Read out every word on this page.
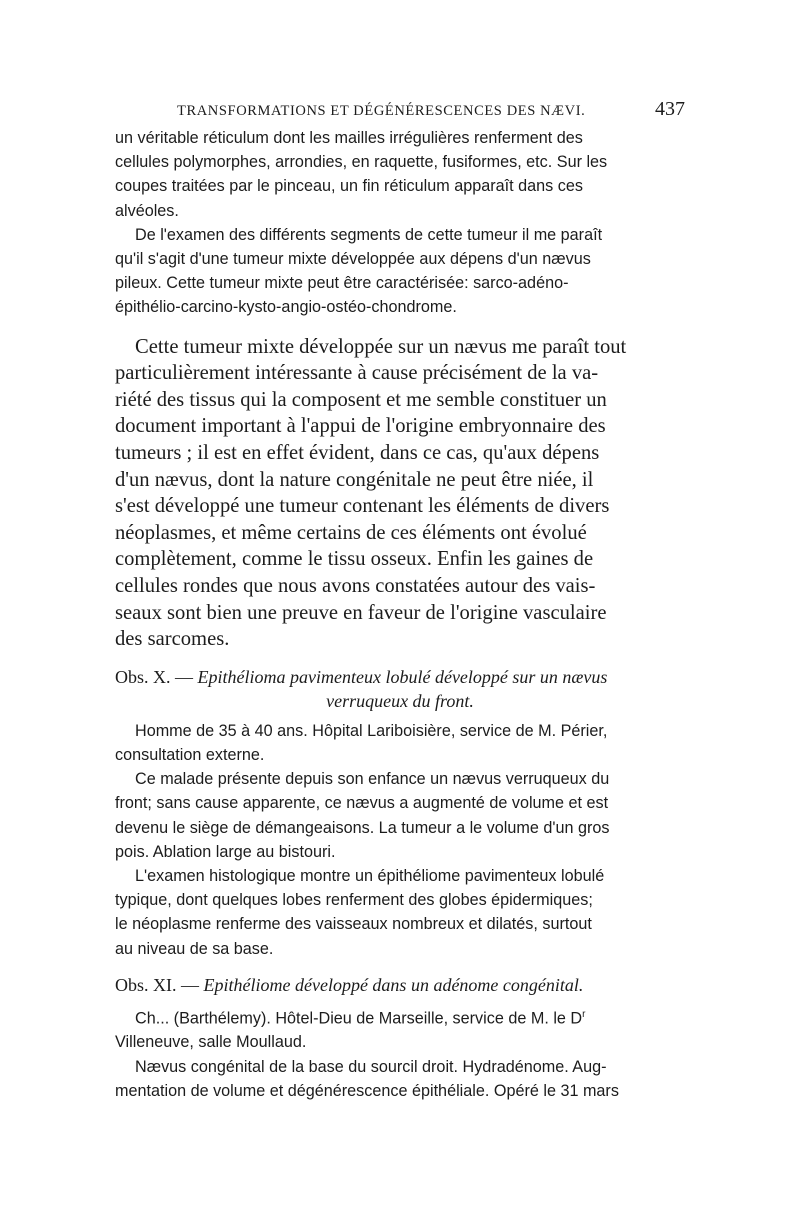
TRANSFORMATIONS ET DÉGÉNÉRESCENCES DES NÆVI.	437

un véritable réticulum dont les mailles irrégulières renferment des

cellules polymorphes, arrondies, en raquette, fusiformes, etc. Sur les

coupes traitées par le pinceau, un fin réticulum apparaît dans ces

alvéoles.

De l'examen des différents segments de cette tumeur il me paraît

qu'il s'agit d'une tumeur mixte développée aux dépens d'un nævus

pileux. Cette tumeur mixte peut être caractérisée: sarco-adéno-

épithélio-carcino-kysto-angio-ostéo-chondrome.

Cette tumeur mixte développée sur un nævus me paraît tout

particulièrement intéressante à cause précisément de la va-

riété des tissus qui la composent et me semble constituer un

document important à l'appui de l'origine embryonnaire des

tumeurs ; il est en effet évident, dans ce cas, qu'aux dépens

d'un nævus, dont la nature congénitale ne peut être niée, il

s'est développé une tumeur contenant les éléments de divers

néoplasmes, et même certains de ces éléments ont évolué

complètement, comme le tissu osseux. Enfin les gaines de

cellules rondes que nous avons constatées autour des vais-

seaux sont bien une preuve en faveur de l'origine vasculaire

des sarcomes.

Obs. X. — Epithélioma pavimenteux lobulé développé sur un nævus

verruqueux du front.

Homme de 35 à 40 ans. Hôpital Lariboisière, service de M. Périer,

consultation externe.

Ce malade présente depuis son enfance un nævus verruqueux du

front; sans cause apparente, ce nævus a augmenté de volume et est

devenu le siège de démangeaisons. La tumeur a le volume d'un gros

pois. Ablation large au bistouri.

L'examen histologique montre un épithéliome pavimenteux lobulé

typique, dont quelques lobes renferment des globes épidermiques;

le néoplasme renferme des vaisseaux nombreux et dilatés, surtout

au niveau de sa base.

Obs. XI. — Epithéliome développé dans un adénome congénital.

Ch... (Barthélemy). Hôtel-Dieu de Marseille, service de M. le $D^r$

Villeneuve, salle Moullaud.

Nævus congénital de la base du sourcil droit. Hydradénome. Aug-

mentation de volume et dégénérescence épithéliale. Opéré le 31 mars
